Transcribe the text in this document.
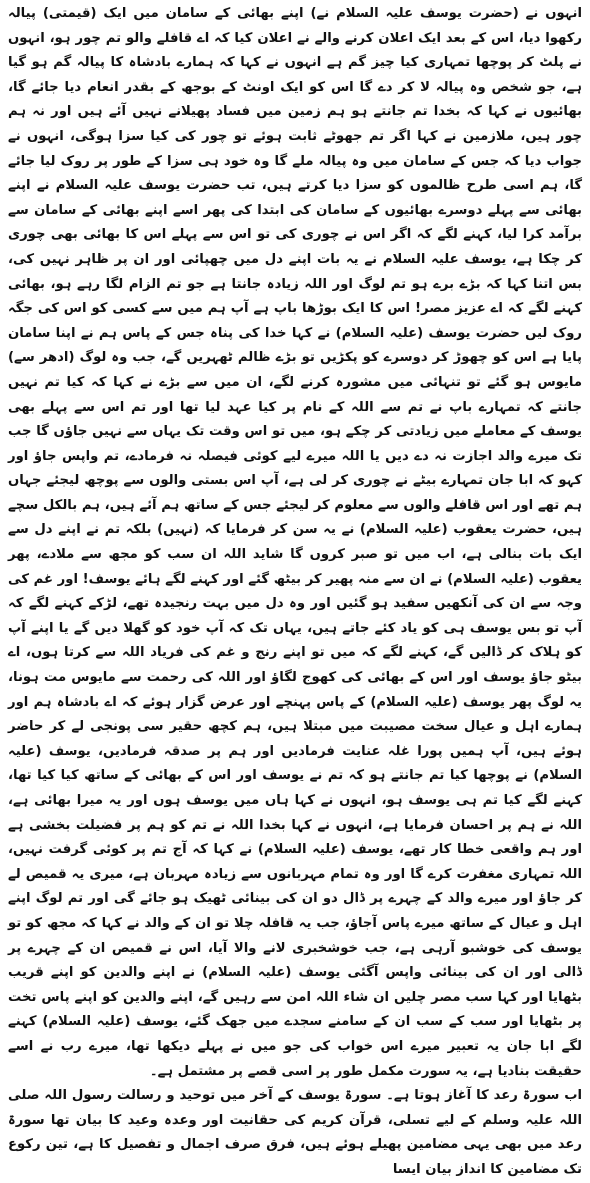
انہوں نے (حضرت یوسف علیہ السلام نے) اپنے بھائی کے سامان میں ایک (قیمتی) پیالہ رکھوا دیا، اس کے بعد ایک اعلان کرنے والے نے اعلان کیا کہ اے قافلے والو تم چور ہو، انہوں نے پلٹ کر پوچھا تمہاری کیا چیز گم ہے انہوں نے کہا کہ ہمارے بادشاہ کا پیالہ گم ہو گیا ہے، جو شخص وہ پیالہ لا کر دے گا اس کو ایک اونٹ کے بوجھ کے بقدر انعام دیا جائے گا، بھائیوں نے کہا کہ بخدا تم جانتے ہو ہم زمین میں فساد پھیلانے نہیں آئے ہیں اور نہ ہم چور ہیں، ملازمین نے کہا اگر تم جھوٹے ثابت ہوئے تو چور کی کیا سزا ہوگی، انہوں نے جواب دیا کہ جس کے سامان میں وہ پیالہ ملے گا وہ خود ہی سزا کے طور پر روک لیا جائے گا، ہم اسی طرح ظالموں کو سزا دیا کرتے ہیں، تب حضرت یوسف علیہ السلام نے اپنے بھائی سے پہلے دوسرے بھائیوں کے سامان کی ابتدا کی پھر اسے اپنے بھائی کے سامان سے برآمد کرا لیا، کہنے لگے کہ اگر اس نے چوری کی تو اس سے پہلے اس کا بھائی بھی چوری کر چکا ہے، یوسف علیہ السلام نے یہ بات اپنے دل میں چھپائی اور ان پر ظاہر نہیں کی، بس اتنا کہا کہ بڑے برے ہو تم لوگ اور اللہ زیادہ جانتا ہے جو تم الزام لگا رہے ہو، بھائی کہنے لگے کہ اے عزیز مصر! اس کا ایک بوڑھا باپ ہے آپ ہم میں سے کسی کو اس کی جگہ روک لیں حضرت یوسف (علیہ السلام) نے کہا خدا کی پناہ جس کے پاس ہم نے اپنا سامان پایا ہے اس کو چھوڑ کر دوسرے کو پکڑیں تو بڑے ظالم ٹھہریں گے، جب وہ لوگ (ادھر سے) مایوس ہو گئے تو تنہائی میں مشورہ کرنے لگے، ان میں سے بڑے نے کہا کہ کیا تم نہیں جانتے کہ تمہارے باپ نے تم سے اللہ کے نام پر کیا عہد لیا تھا اور تم اس سے پہلے بھی یوسف کے معاملے میں زیادتی کر چکے ہو، میں تو اس وقت تک یہاں سے نہیں جاؤں گا جب تک میرے والد اجازت نہ دے دیں یا اللہ میرے لیے کوئی فیصلہ نہ فرمادے، تم واپس جاؤ اور کہو کہ ابا جان تمہارے بیٹے نے چوری کر لی ہے، آپ اس بستی والوں سے پوچھ لیجئے جہاں ہم تھے اور اس قافلے والوں سے معلوم کر لیجئے جس کے ساتھ ہم آئے ہیں، ہم بالکل سچے ہیں، حضرت یعقوب (علیہ السلام) نے یہ سن کر فرمایا کہ (نہیں) بلکہ تم نے اپنے دل سے ایک بات بنالی ہے، اب میں تو صبر کروں گا شاید اللہ ان سب کو مجھ سے ملادے، پھر یعقوب (علیہ السلام) نے ان سے منہ پھیر کر بیٹھ گئے اور کہنے لگے ہائے یوسف! اور غم کی وجہ سے ان کی آنکھیں سفید ہو گئیں اور وہ دل میں بہت رنجیدہ تھے، لڑکے کہنے لگے کہ آپ تو بس یوسف ہی کو یاد کئے جاتے ہیں، یہاں تک کہ آپ خود کو گھلا دیں گے یا اپنے آپ کو ہلاک کر ڈالیں گے، کہنے لگے کہ میں تو اپنے رنج و غم کی فریاد اللہ سے کرتا ہوں، اے بیٹو جاؤ یوسف اور اس کے بھائی کی کھوج لگاؤ اور اللہ کی رحمت سے مایوس مت ہونا، یہ لوگ پھر یوسف (علیہ السلام) کے پاس پہنچے اور عرض گزار ہوئے کہ اے بادشاہ ہم اور ہمارے اہل و عیال سخت مصیبت میں مبتلا ہیں، ہم کچھ حقیر سی پونجی لے کر حاضر ہوئے ہیں، آپ ہمیں پورا غلہ عنایت فرمادیں اور ہم پر صدقہ فرمادیں، یوسف (علیہ السلام) نے پوچھا کیا تم جانتے ہو کہ تم نے یوسف اور اس کے بھائی کے ساتھ کیا کیا تھا، کہنے لگے کیا تم ہی یوسف ہو، انہوں نے کہا ہاں میں یوسف ہوں اور یہ میرا بھائی ہے، اللہ نے ہم پر احسان فرمایا ہے، انہوں نے کہا بخدا اللہ نے تم کو ہم پر فضیلت بخشی ہے اور ہم واقعی خطا کار تھے، یوسف (علیہ السلام) نے کہا کہ آج تم پر کوئی گرفت نہیں، اللہ تمہاری مغفرت کرے گا اور وہ تمام مہربانوں سے زیادہ مہربان ہے، میری یہ قمیص لے کر جاؤ اور میرے والد کے چہرے پر ڈال دو ان کی بینائی ٹھیک ہو جائے گی اور تم لوگ اپنے اہل و عیال کے ساتھ میرے پاس آجاؤ، جب یہ قافلہ چلا تو ان کے والد نے کہا کہ مجھ کو تو یوسف کی خوشبو آرہی ہے، جب خوشخبری لانے والا آیا، اس نے قمیص ان کے چہرے پر ڈالی اور ان کی بینائی واپس آگئی یوسف (علیہ السلام) نے اپنے والدین کو اپنے قریب بٹھایا اور کہا سب مصر چلیں ان شاء اللہ امن سے رہیں گے، اپنے والدین کو اپنے پاس تخت پر بٹھایا اور سب کے سب ان کے سامنے سجدے میں جھک گئے، یوسف (علیہ السلام) کہنے لگے ابا جان یہ تعبیر میرے اس خواب کی جو میں نے پہلے دیکھا تھا، میرے رب نے اسے حقیقت بنادیا ہے، یہ سورت مکمل طور پر اسی قصے پر مشتمل ہے۔

اب سورۃ رعد کا آغاز ہوتا ہے۔ سورۃ یوسف کے آخر میں توحید و رسالت رسول اللہ صلی اللہ علیہ وسلم کے لیے تسلی، قرآن کریم کی حقانیت اور وعدہ وعید کا بیان تھا سورۃ رعد میں بھی یہی مضامین پھیلے ہوئے ہیں، فرق صرف اجمال و تفصیل کا ہے، تین رکوع تک مضامین کا انداز بیان ایسا
